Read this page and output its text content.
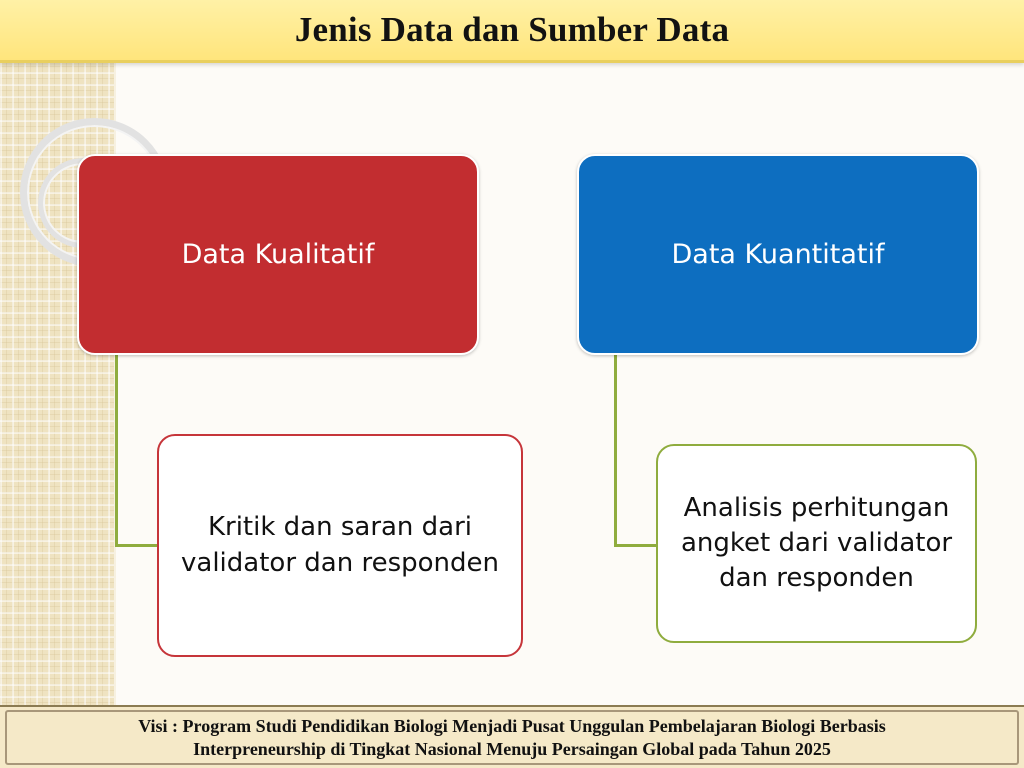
Jenis Data dan Sumber Data
Data Kualitatif	Data Kuantitatif
Kritik dan saran dari
validator dan responden
Analisis perhitungan
angket dari validator
dan responden
Visi : Program Studi Pendidikan Biologi Menjadi Pusat Unggulan Pembelajaran Biologi Berbasis
Interpreneurship di Tingkat Nasional Menuju Persaingan Global pada Tahun 2025
